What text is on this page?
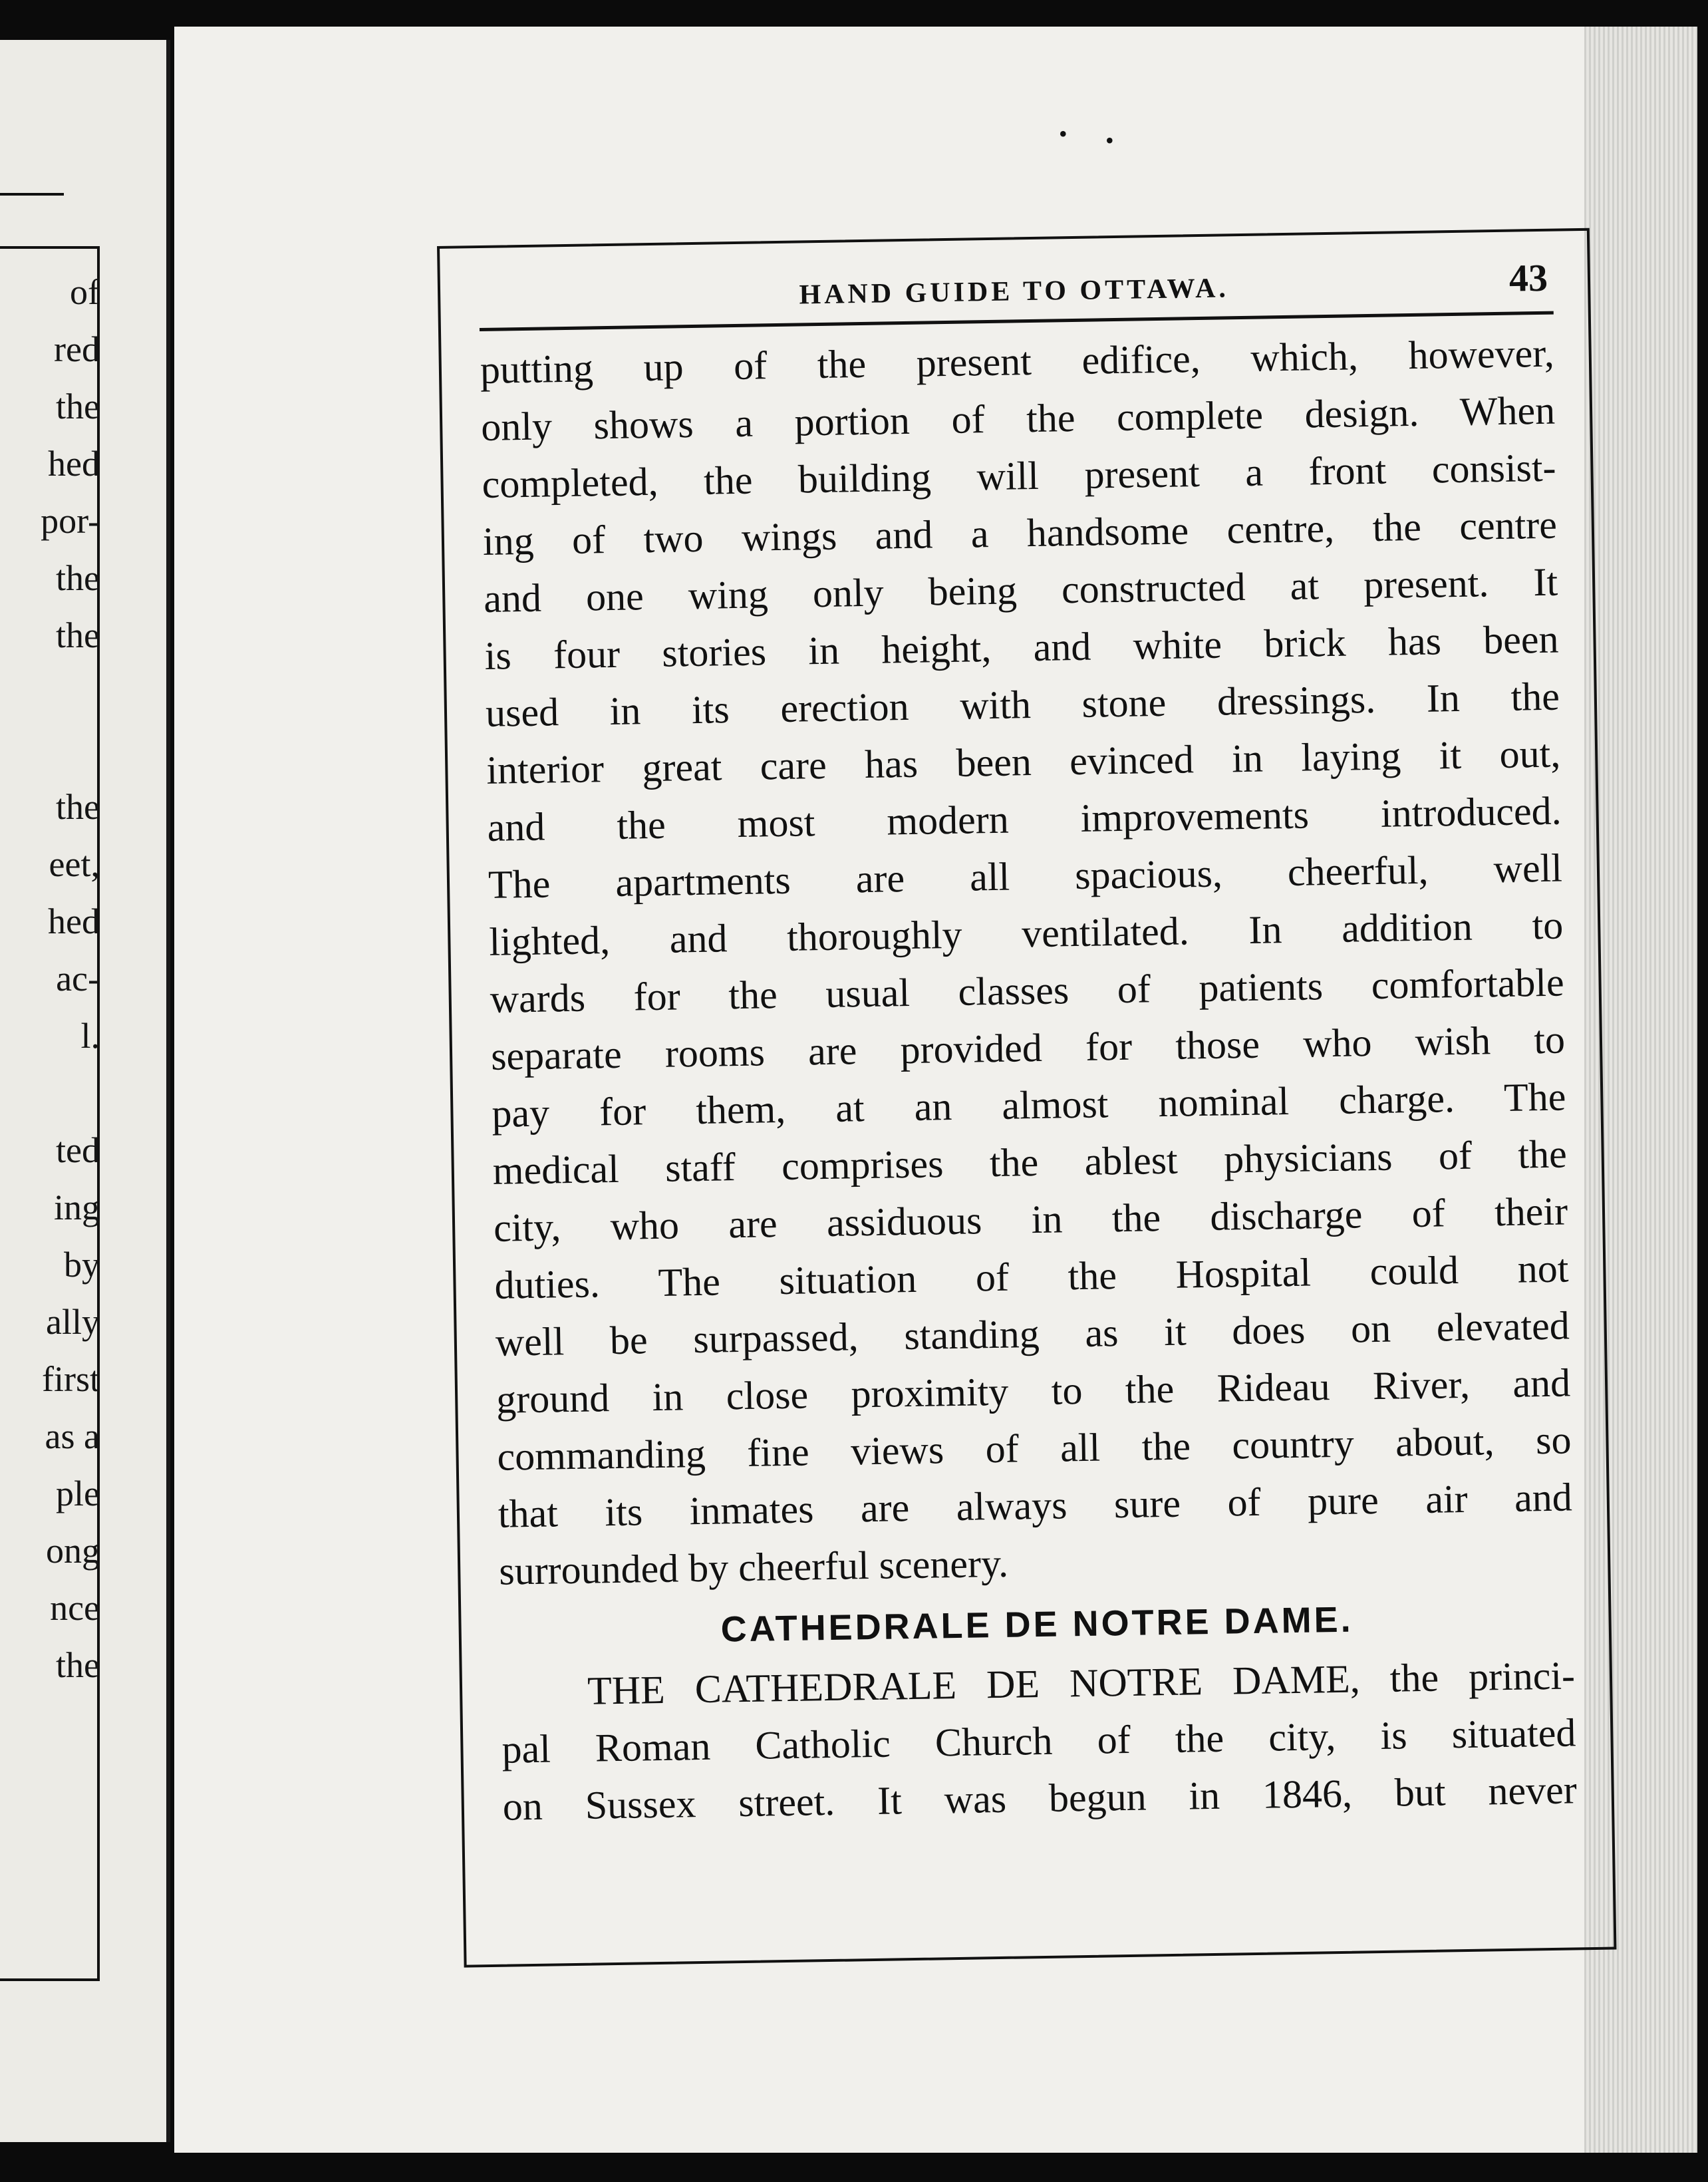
of
red
the
hed
por-
the
the
the
eet,
hed
ac-
l.
ted
ing
by
ally
first
as a
ple
ong
nce
the
• •
HAND GUIDE TO OTTAWA.	43
putting up of the present edifice, which, however,
only shows a portion of the complete design. When
completed, the building will present a front consist-
ing of two wings and a handsome centre, the centre
and one wing only being constructed at present. It
is four stories in height, and white brick has been
used in its erection with stone dressings. In the
interior great care has been evinced in laying it out,
and the most modern improvements introduced.
The apartments are all spacious, cheerful, well
lighted, and thoroughly ventilated. In addition to
wards for the usual classes of patients comfortable
separate rooms are provided for those who wish to
pay for them, at an almost nominal charge. The
medical staff comprises the ablest physicians of the
city, who are assiduous in the discharge of their
duties. The situation of the Hospital could not
well be surpassed, standing as it does on elevated
ground in close proximity to the Rideau River, and
commanding fine views of all the country about, so
that its inmates are always sure of pure air and
surrounded by cheerful scenery.
CATHEDRALE DE NOTRE DAME.
THE CATHEDRALE DE NOTRE DAME, the princi-
pal Roman Catholic Church of the city, is situated
on Sussex street. It was begun in 1846, but never
